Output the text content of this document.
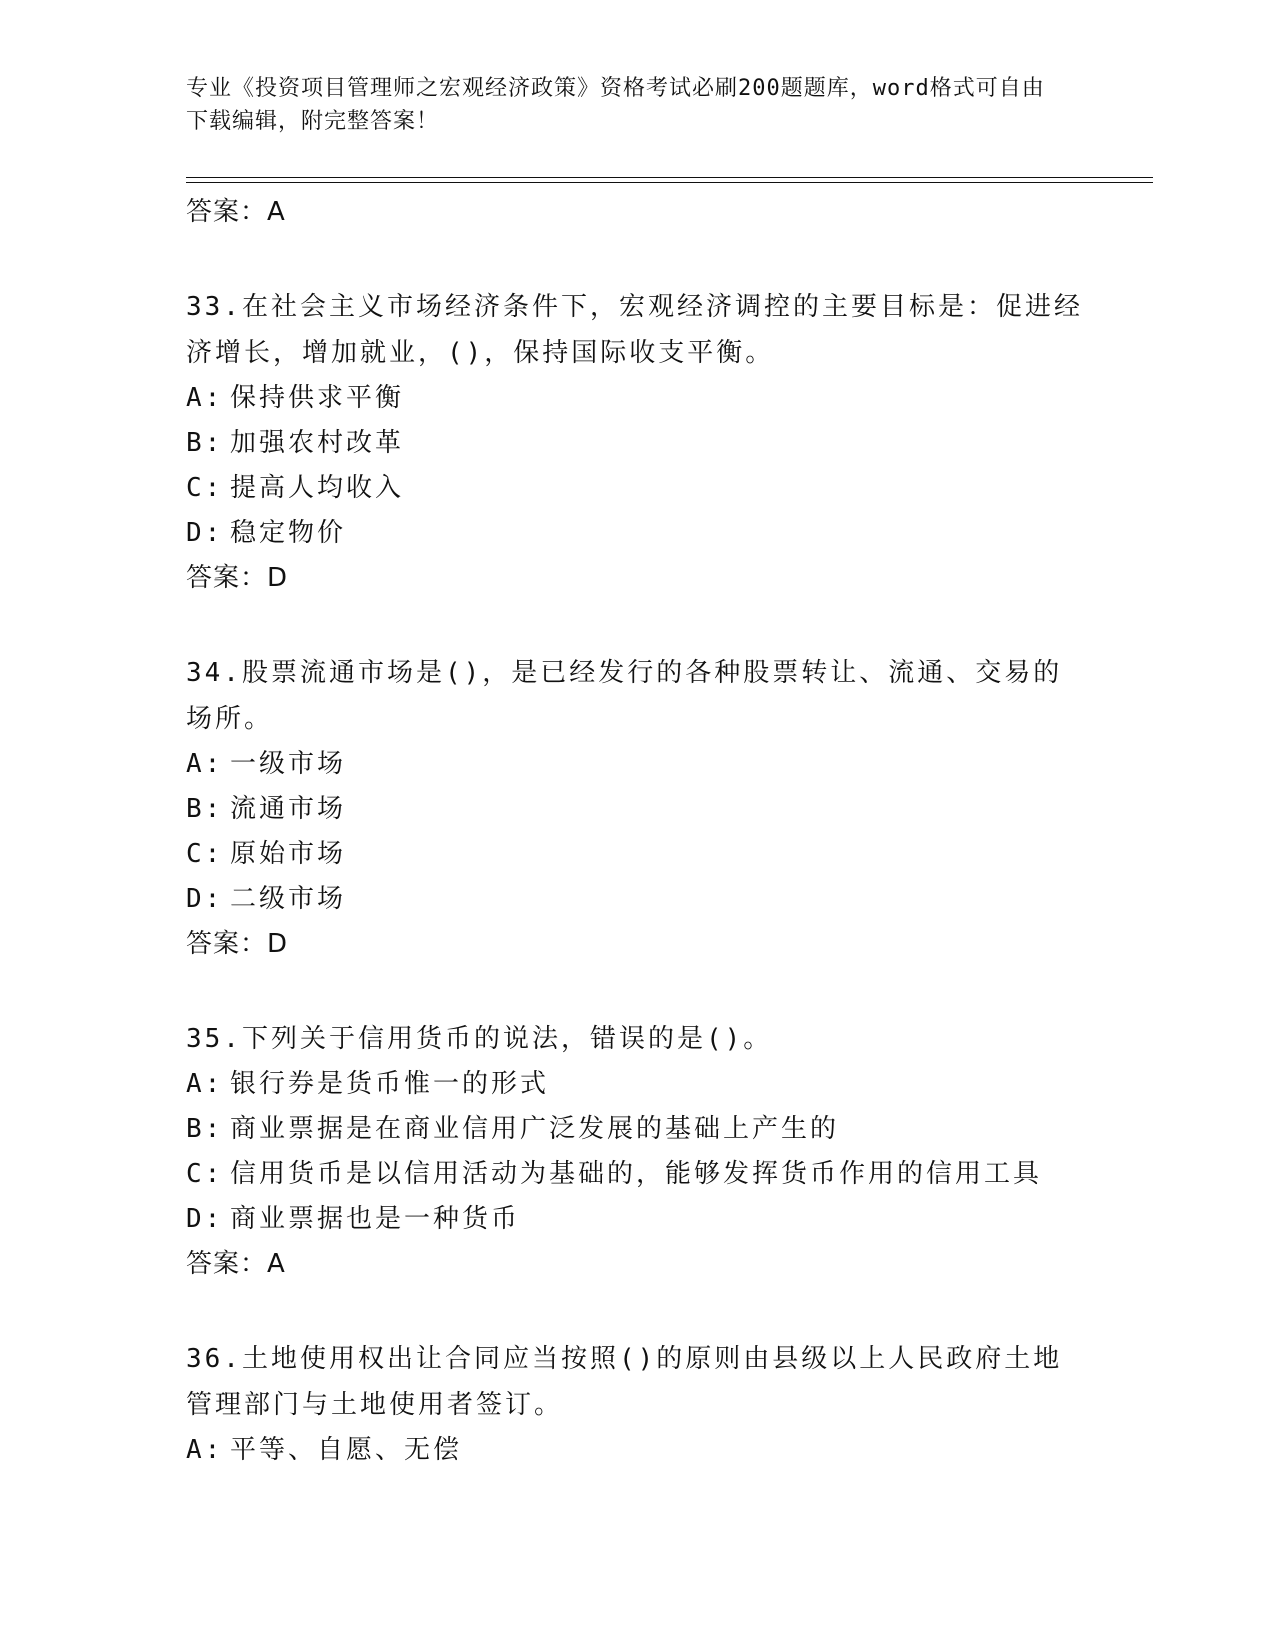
专业《投资项目管理师之宏观经济政策》资格考试必刷200题题库，word格式可自由下载编辑，附完整答案！
答案：A
33.在社会主义市场经济条件下，宏观经济调控的主要目标是：促进经济增长，增加就业，()，保持国际收支平衡。
A: 保持供求平衡
B: 加强农村改革
C: 提高人均收入
D: 稳定物价
答案：D
34.股票流通市场是()，是已经发行的各种股票转让、流通、交易的场所。
A: 一级市场
B: 流通市场
C: 原始市场
D: 二级市场
答案：D
35.下列关于信用货币的说法，错误的是()。
A: 银行券是货币惟一的形式
B: 商业票据是在商业信用广泛发展的基础上产生的
C: 信用货币是以信用活动为基础的，能够发挥货币作用的信用工具
D: 商业票据也是一种货币
答案：A
36.土地使用权出让合同应当按照()的原则由县级以上人民政府土地管理部门与土地使用者签订。
A: 平等、自愿、无偿
